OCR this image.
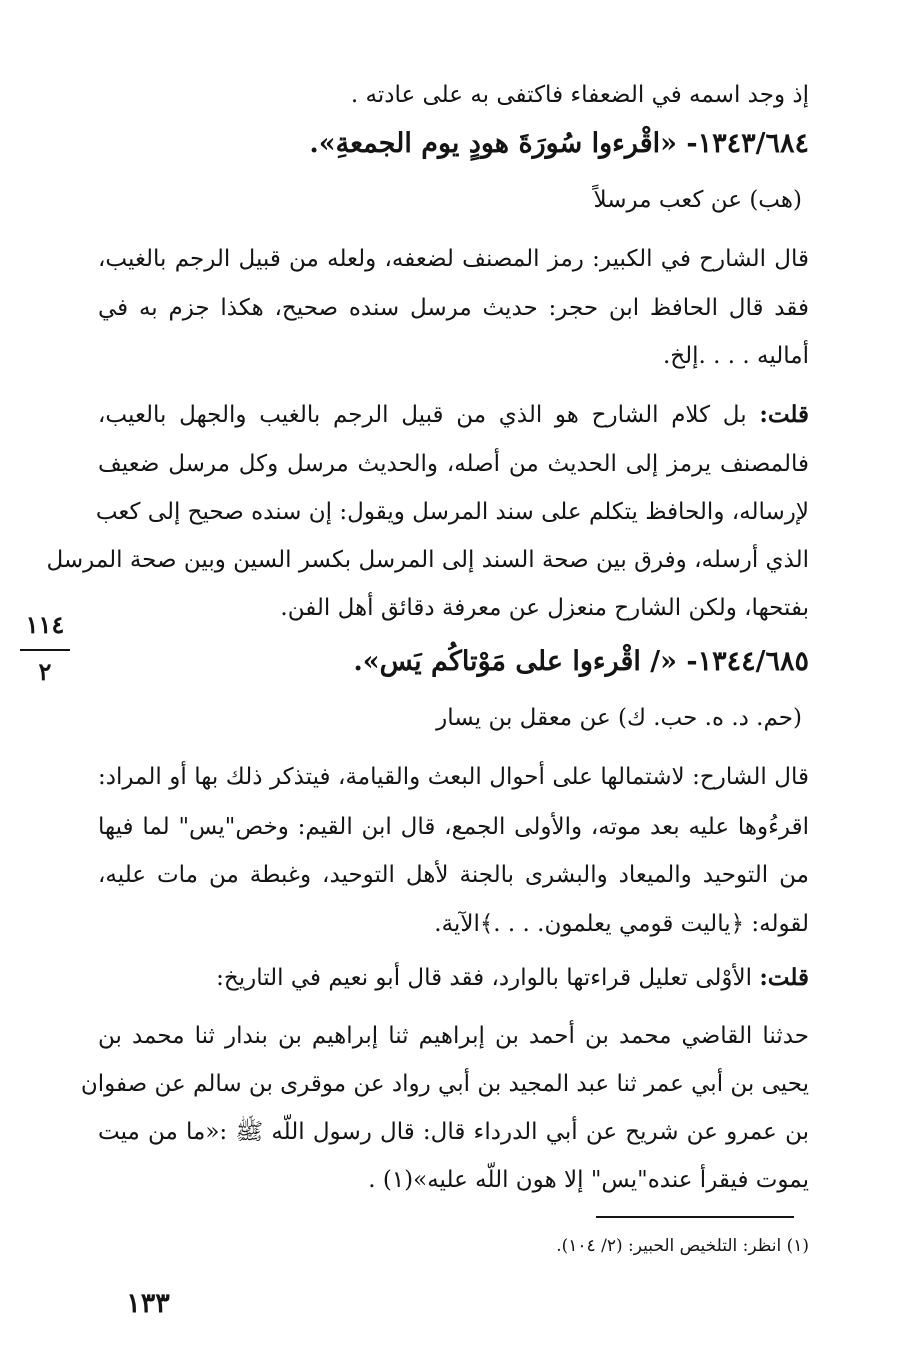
إذ وجد اسمه في الضعفاء فاكتفى به على عادته .
١٣٤٣/٦٨٤- «اقْرءوا سُورَةَ هودٍ يوم الجمعةِ».
(هب) عن كعب مرسلاً
قال الشارح في الكبير: رمز المصنف لضعفه، ولعله من قبيل الرجم بالغيب،
فقد قال الحافظ ابن حجر: حديث مرسل سنده صحيح، هكذا جزم به في
أماليه . . . .إلخ.
قلت: بل كلام الشارح هو الذي من قبيل الرجم بالغيب والجهل بالعيب،
فالمصنف يرمز إلى الحديث من أصله، والحديث مرسل وكل مرسل ضعيف
لإرساله، والحافظ يتكلم على سند المرسل ويقول: إن سنده صحيح إلى كعب
الذي أرسله، وفرق بين صحة السند إلى المرسل بكسر السين وبين صحة المرسل
بفتحها، ولكن الشارح منعزل عن معرفة دقائق أهل الفن.
١٣٤٤/٦٨٥- «/ اقْرءوا على مَوْتاكُم يَس».
(حم. د. ه. حب. ك) عن معقل بن يسار
قال الشارح: لاشتمالها على أحوال البعث والقيامة، فيتذكر ذلك بها أو المراد:
اقرءُوها عليه بعد موته، والأولى الجمع، قال ابن القيم: وخص"يس" لما فيها
من التوحيد والميعاد والبشرى بالجنة لأهل التوحيد، وغبطة من مات عليه،
لقوله: ﴿ياليت قومي يعلمون. . . .﴾الآية.
قلت: الأوْلى تعليل قراءتها بالوارد، فقد قال أبو نعيم في التاريخ:
حدثنا القاضي محمد بن أحمد بن إبراهيم ثنا إبراهيم بن بندار ثنا محمد بن
يحيى بن أبي عمر ثنا عبد المجيد بن أبي رواد عن موقرى بن سالم عن صفوان
بن عمرو عن شريح عن أبي الدرداء قال: قال رسول اللّه ﷺ :«ما من ميت
يموت فيقرأ عنده"يس" إلا هون اللّه عليه»(١) .
١١٤
٢
(١) انظر: التلخيص الحبير: (٢/ ١٠٤).
١٣٣
